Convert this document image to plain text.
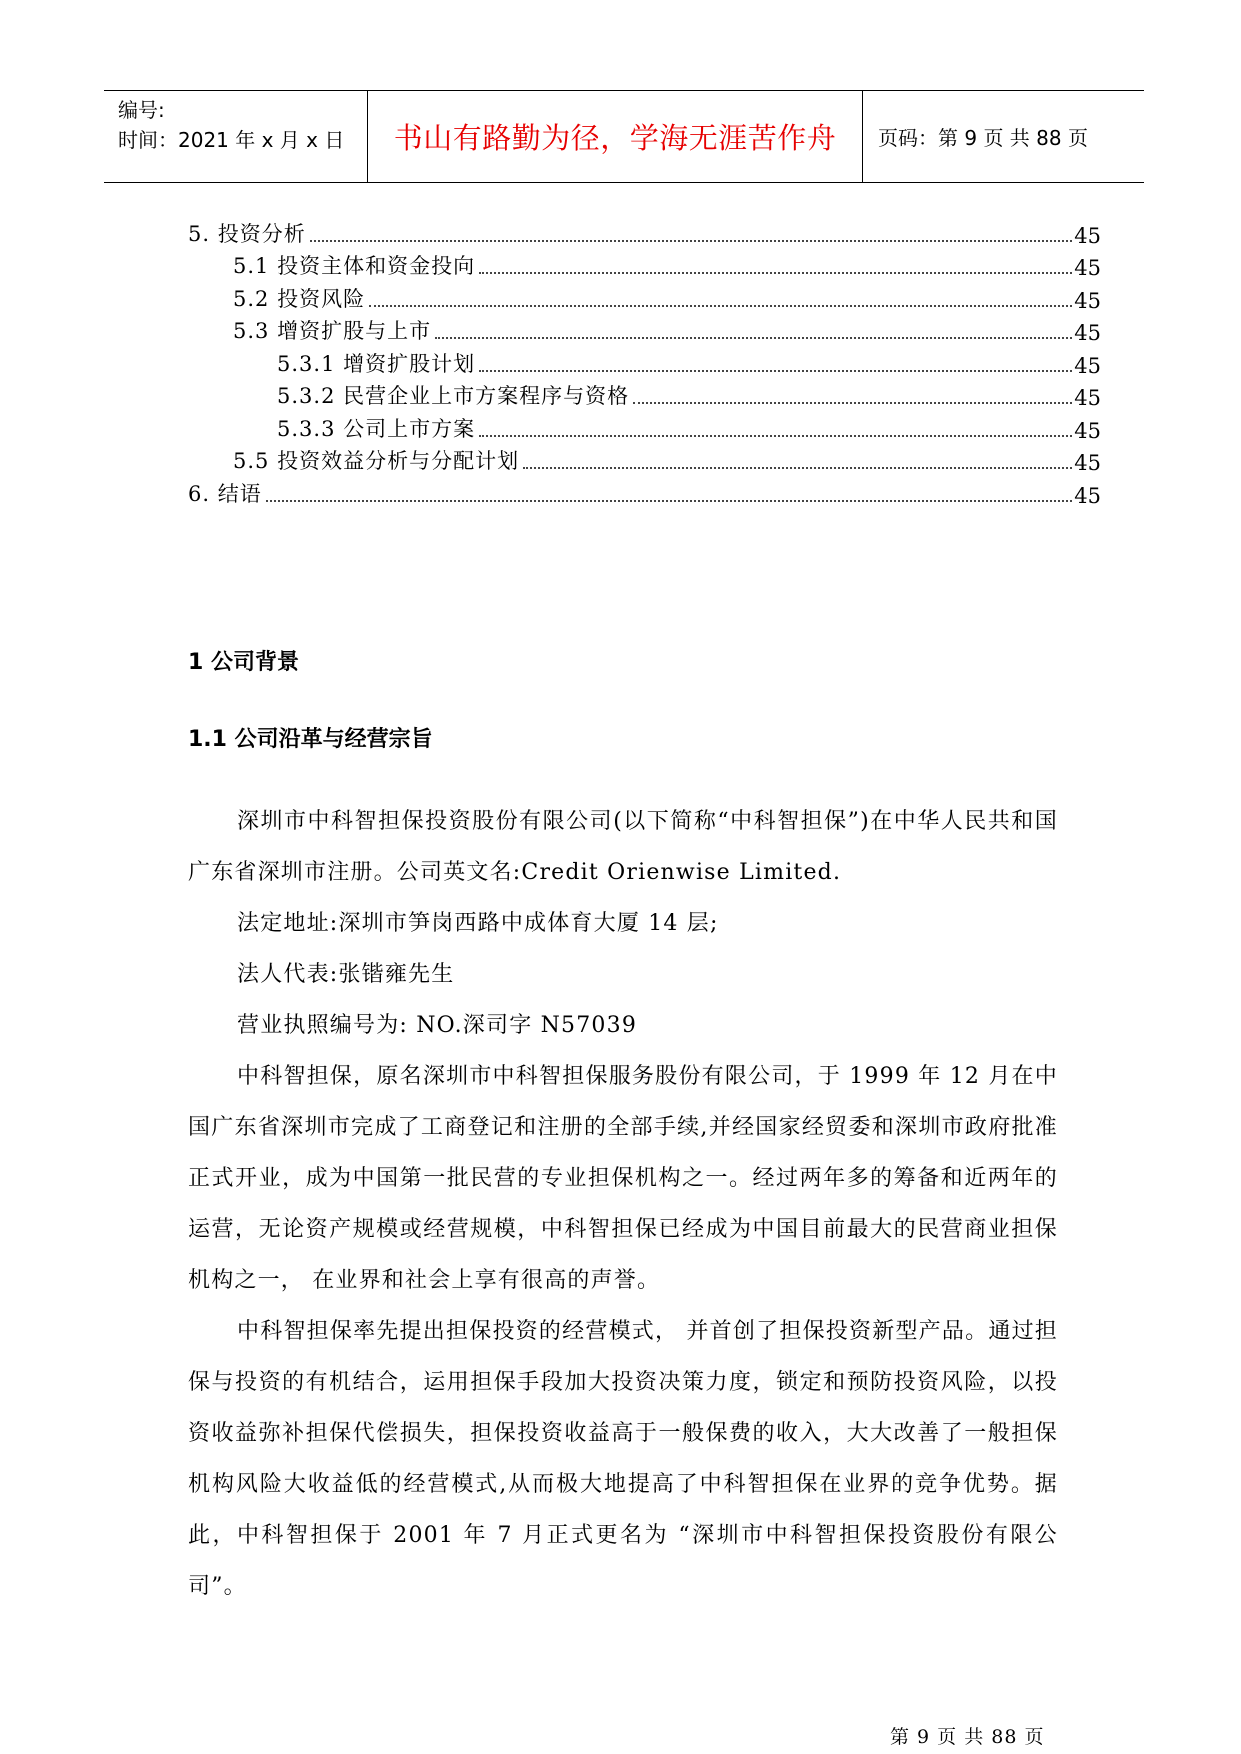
编号:
时间：2021 年 x 月 x 日	书山有路勤为径，学海无涯苦作舟	页码：第 9 页 共 88 页
5. 投资分析	45
5.1 投资主体和资金投向	45
5.2 投资风险	45
5.3 增资扩股与上市	45
5.3.1 增资扩股计划	45
5.3.2 民营企业上市方案程序与资格	45
5.3.3 公司上市方案	45
5.5 投资效益分析与分配计划	45
6. 结语	45
1 公司背景
1.1 公司沿革与经营宗旨

深圳市中科智担保投资股份有限公司(以下简称“中科智担保”)在中华人民共和国广东省深圳市注册。公司英文名:Credit Orienwise Limited.

法定地址:深圳市笋岗西路中成体育大厦 14 层;

法人代表:张锴雍先生

营业执照编号为: NO.深司字 N57039

中科智担保，原名深圳市中科智担保服务股份有限公司，于 1999 年 12 月在中国广东省深圳市完成了工商登记和注册的全部手续,并经国家经贸委和深圳市政府批准正式开业，成为中国第一批民营的专业担保机构之一。经过两年多的筹备和近两年的运营，无论资产规模或经营规模，中科智担保已经成为中国目前最大的民营商业担保机构之一， 在业界和社会上享有很高的声誉。

中科智担保率先提出担保投资的经营模式， 并首创了担保投资新型产品。通过担保与投资的有机结合，运用担保手段加大投资决策力度，锁定和预防投资风险，以投资收益弥补担保代偿损失，担保投资收益高于一般保费的收入，大大改善了一般担保机构风险大收益低的经营模式,从而极大地提高了中科智担保在业界的竞争优势。据此，中科智担保于 2001 年 7 月正式更名为 “深圳市中科智担保投资股份有限公司”。

第 9 页 共 88 页
